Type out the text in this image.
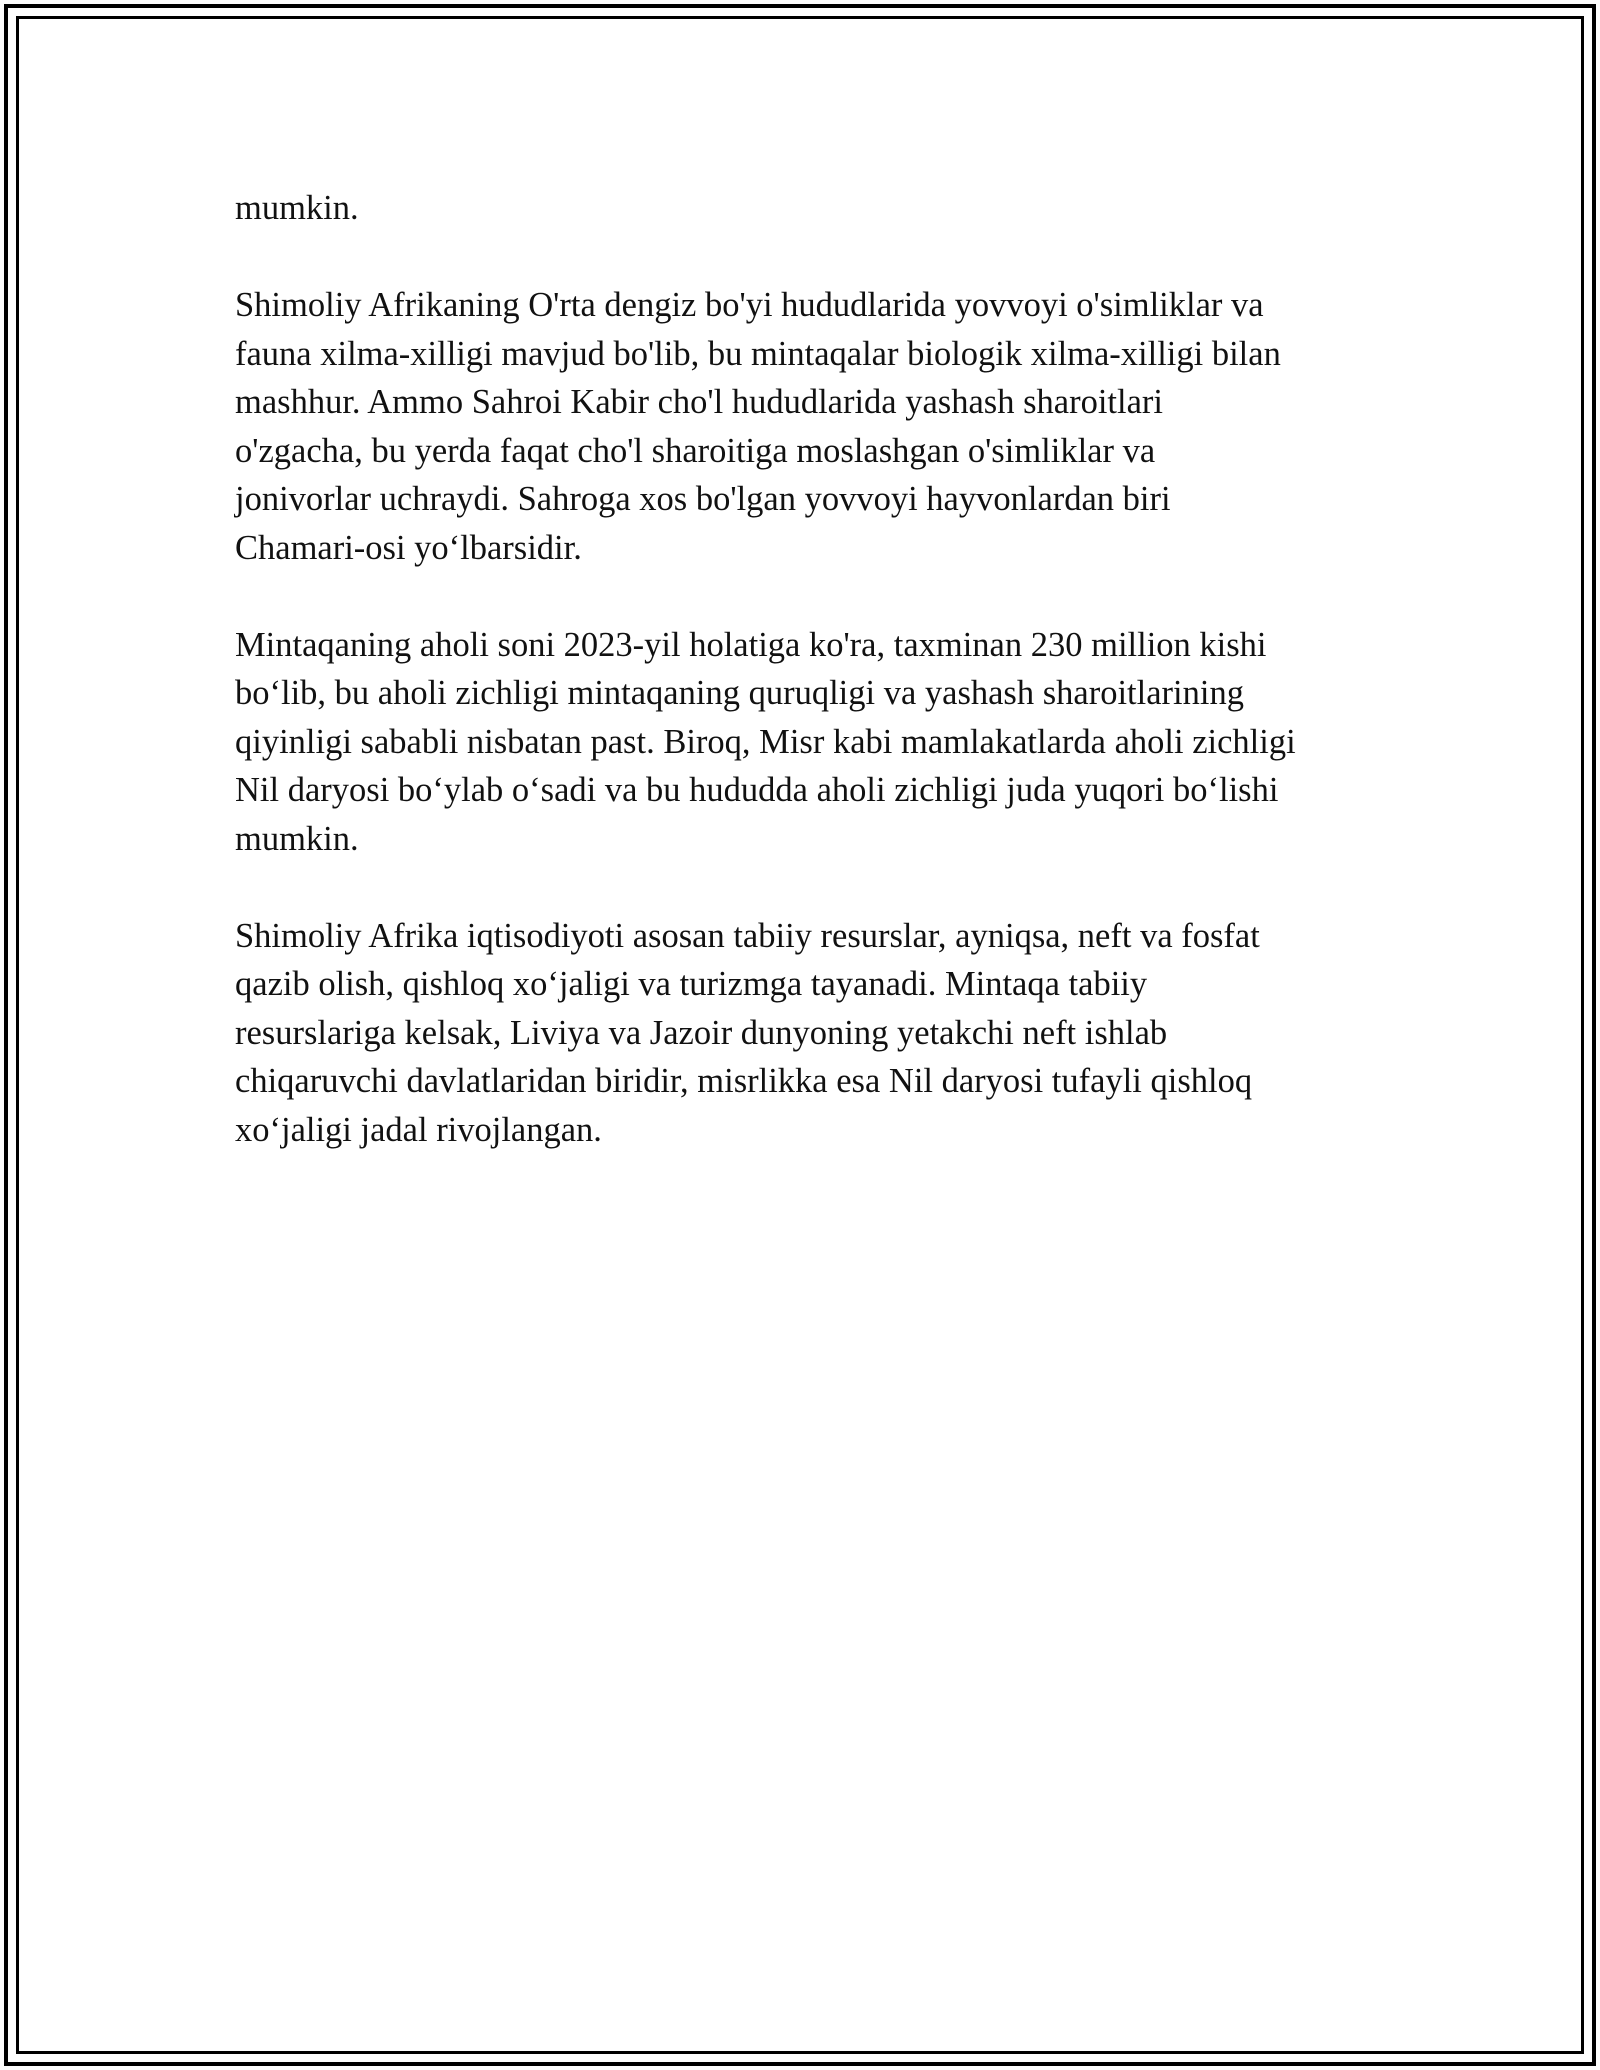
mumkin.

Shimoliy Afrikaning O'rta dengiz bo'yi hududlarida yovvoyi o'simliklar va
fauna xilma-xilligi mavjud bo'lib, bu mintaqalar biologik xilma-xilligi bilan
mashhur. Ammo Sahroi Kabir cho'l hududlarida yashash sharoitlari
o'zgacha, bu yerda faqat cho'l sharoitiga moslashgan o'simliklar va
jonivorlar uchraydi. Sahroga xos bo'lgan yovvoyi hayvonlardan biri
Chamari-osi yo‘lbarsidir.

Mintaqaning aholi soni 2023-yil holatiga ko'ra, taxminan 230 million kishi
bo‘lib, bu aholi zichligi mintaqaning quruqligi va yashash sharoitlarining
qiyinligi sababli nisbatan past. Biroq, Misr kabi mamlakatlarda aholi zichligi
Nil daryosi bo‘ylab o‘sadi va bu hududda aholi zichligi juda yuqori bo‘lishi
mumkin.

Shimoliy Afrika iqtisodiyoti asosan tabiiy resurslar, ayniqsa, neft va fosfat
qazib olish, qishloq xo‘jaligi va turizmga tayanadi. Mintaqa tabiiy
resurslariga kelsak, Liviya va Jazoir dunyoning yetakchi neft ishlab
chiqaruvchi davlatlaridan biridir, misrlikka esa Nil daryosi tufayli qishloq
xo‘jaligi jadal rivojlangan.
